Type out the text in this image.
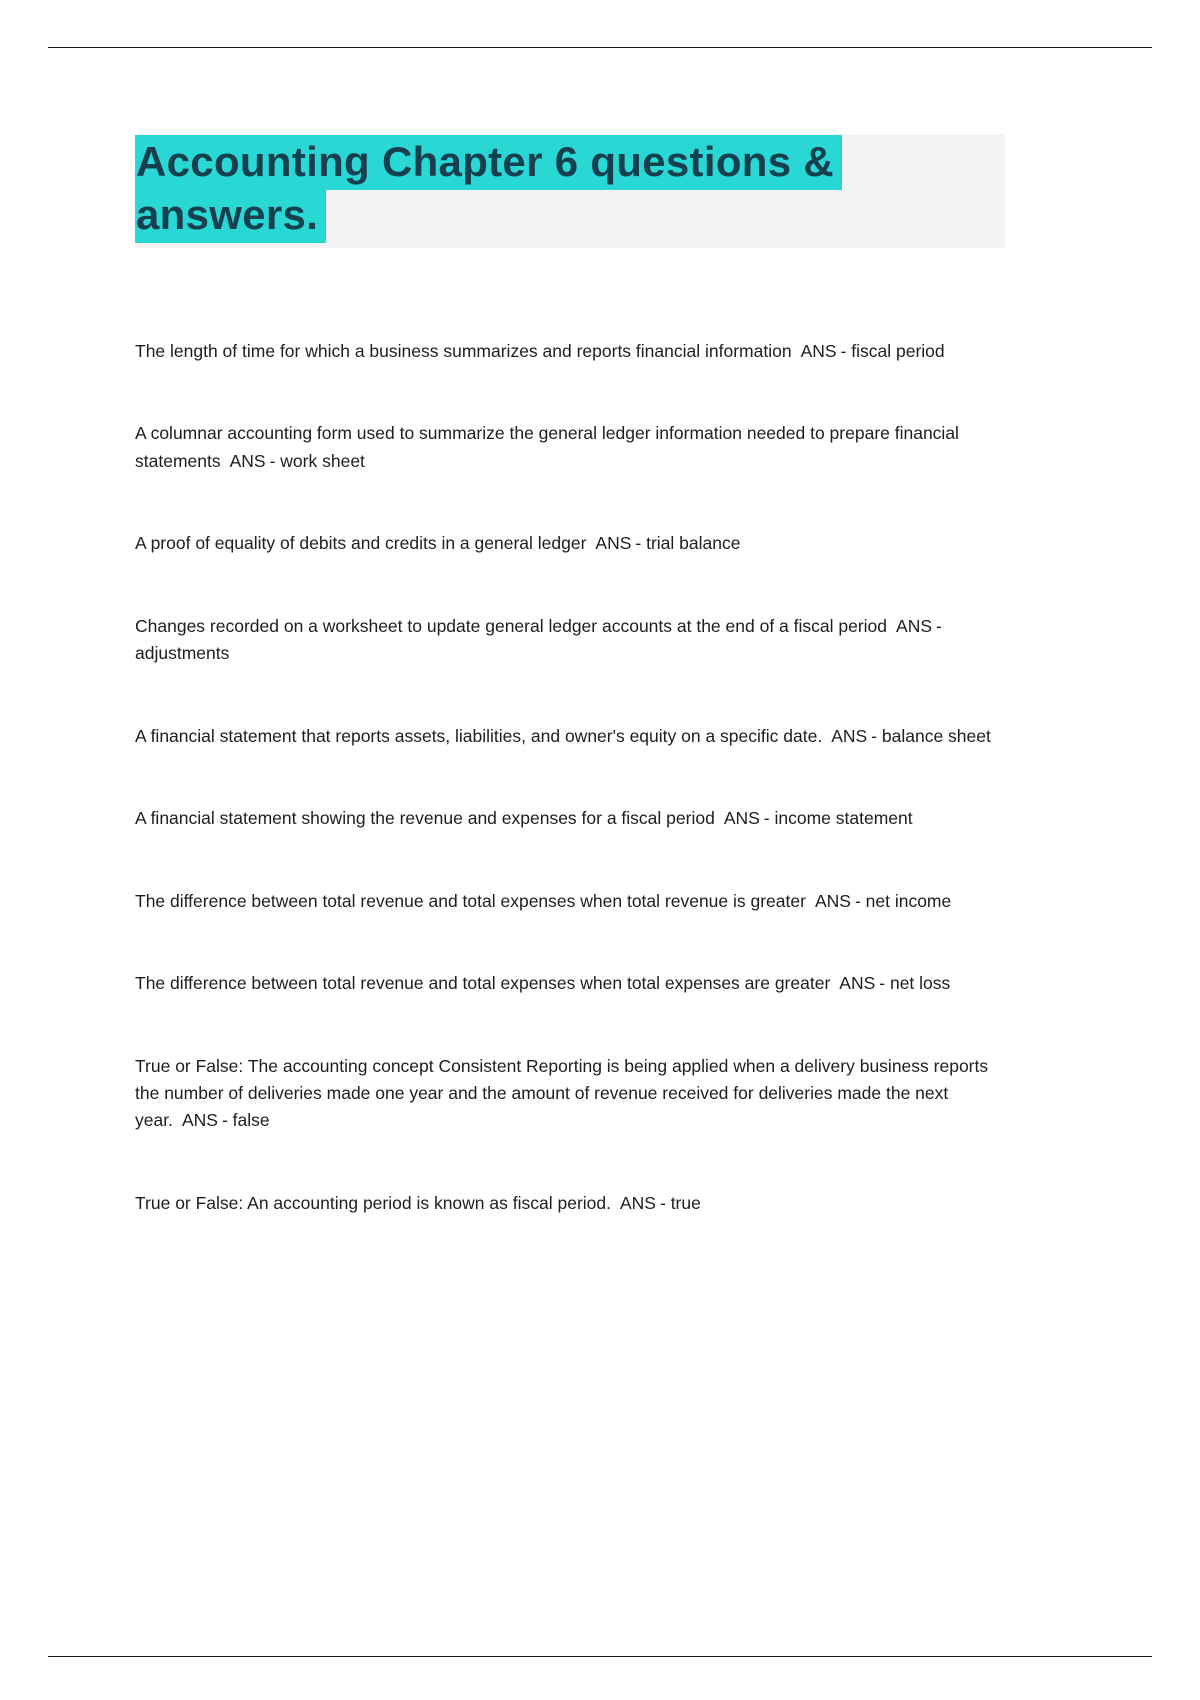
Accounting Chapter 6 questions &
answers.

The length of time for which a business summarizes and reports financial information ANS - fiscal period

A columnar accounting form used to summarize the general ledger information needed to prepare financial statements ANS - work sheet

A proof of equality of debits and credits in a general ledger ANS - trial balance

Changes recorded on a worksheet to update general ledger accounts at the end of a fiscal period ANS- adjustments

A financial statement that reports assets, liabilities, and owner's equity on a specific date. ANS - balance sheet

A financial statement showing the revenue and expenses for a fiscal period ANS - income statement

The difference between total revenue and total expenses when total revenue is greater ANS - net income

The difference between total revenue and total expenses when total expenses are greater ANS - net loss

True or False: The accounting concept Consistent Reporting is being applied when a delivery business reports the number of deliveries made one year and the amount of revenue received for deliveries made the next year. ANS - false

True or False: An accounting period is known as fiscal period. ANS - true
